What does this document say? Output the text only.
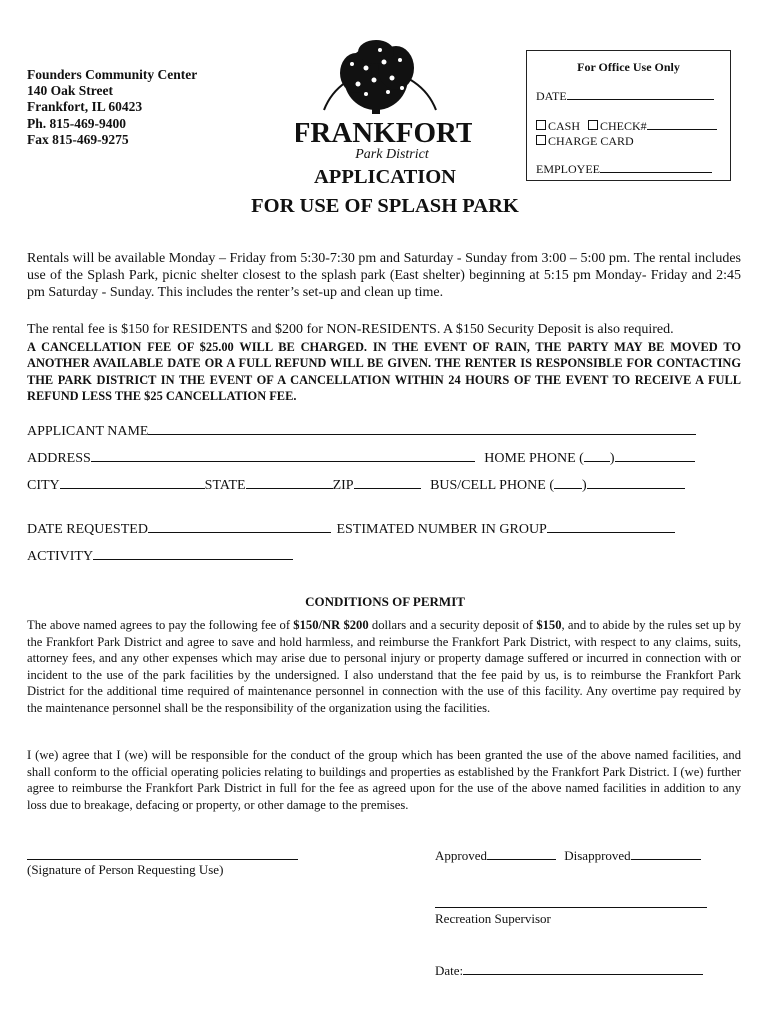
Founders Community Center
140 Oak Street
Frankfort, IL 60423
Ph. 815-469-9400
Fax 815-469-9275	FRANKFORT
Park District
For Office Use Only
DATE
CASH CHECK#
CHARGE CARD
EMPLOYEE
APPLICATION
FOR USE OF SPLASH PARK
Rentals will be available Monday – Friday from 5:30-7:30 pm and Saturday - Sunday from 3:00 – 5:00 pm. The rental includes use of the Splash Park, picnic shelter closest to the splash park (East shelter) beginning at 5:15 pm Monday- Friday and 2:45 pm Saturday - Sunday. This includes the renter’s set-up and clean up time.
The rental fee is $150 for RESIDENTS and $200 for NON-RESIDENTS. A $150 Security Deposit is also required.
A CANCELLATION FEE OF $25.00 WILL BE CHARGED. IN THE EVENT OF RAIN, THE PARTY MAY BE MOVED TO ANOTHER AVAILABLE DATE OR A FULL REFUND WILL BE GIVEN. THE RENTER IS RESPONSIBLE FOR CONTACTING THE PARK DISTRICT IN THE EVENT OF A CANCELLATION WITHIN 24 HOURS OF THE EVENT TO RECEIVE A FULL REFUND LESS THE $25 CANCELLATION FEE.
APPLICANT NAME
ADDRESS	HOME PHONE ( )
CITY	STATE	ZIP	BUS/CELL PHONE ( )
DATE REQUESTED	ESTIMATED NUMBER IN GROUP
ACTIVITY
CONDITIONS OF PERMIT
The above named agrees to pay the following fee of $150/NR $200 dollars and a security deposit of $150, and to abide by the rules set up by the Frankfort Park District and agree to save and hold harmless, and reimburse the Frankfort Park District, with respect to any claims, suits, attorney fees, and any other expenses which may arise due to personal injury or property damage suffered or incurred in connection with or incident to the use of the park facilities by the undersigned. I also understand that the fee paid by us, is to reimburse the Frankfort Park District for the additional time required of maintenance personnel in connection with the use of this facility. Any overtime pay required by the maintenance personnel shall be the responsibility of the organization using the facilities.
I (we) agree that I (we) will be responsible for the conduct of the group which has been granted the use of the above named facilities, and shall conform to the official operating policies relating to buildings and properties as established by the Frankfort Park District. I (we) further agree to reimburse the Frankfort Park District in full for the fee as agreed upon for the use of the above named facilities in addition to any loss due to breakage, defacing or property, or other damage to the premises.
(Signature of Person Requesting Use)
Approved	Disapproved
Recreation Supervisor
Date:
